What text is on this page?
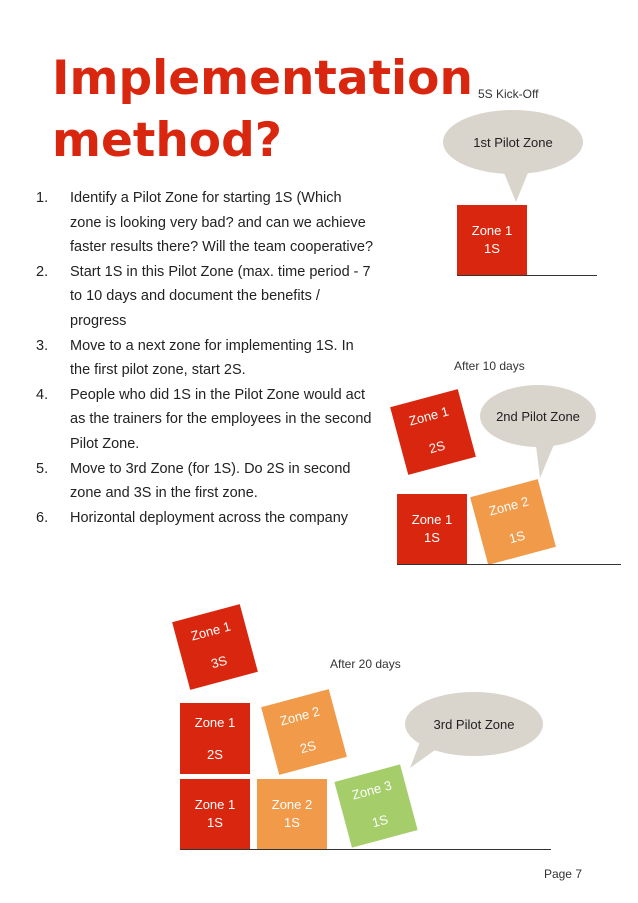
Implementation
method?
1. Identify a Pilot Zone for starting 1S (Which zone is looking very bad? and can we achieve faster results there? Will the team cooperative?
2. Start 1S in this Pilot Zone (max. time period - 7 to 10 days and document the benefits / progress
3. Move to a next zone for implementing 1S. In the first pilot zone, start 2S.
4. People who did 1S in the Pilot Zone would act as the trainers for the employees in the second Pilot Zone.
5. Move to 3rd Zone (for 1S). Do 2S in second zone and 3S in the first zone.
6. Horizontal deployment across the company
5S Kick-Off
1st Pilot Zone
Zone 1
1S
After 10 days
2nd Pilot Zone
Zone 1
2S
Zone 1
1S
Zone 2
1S
After 20 days
3rd Pilot Zone
Zone 1
3S
Zone 1
2S
Zone 1
1S
Zone 2
2S
Zone 2
1S
Zone 3
1S
Page 7
